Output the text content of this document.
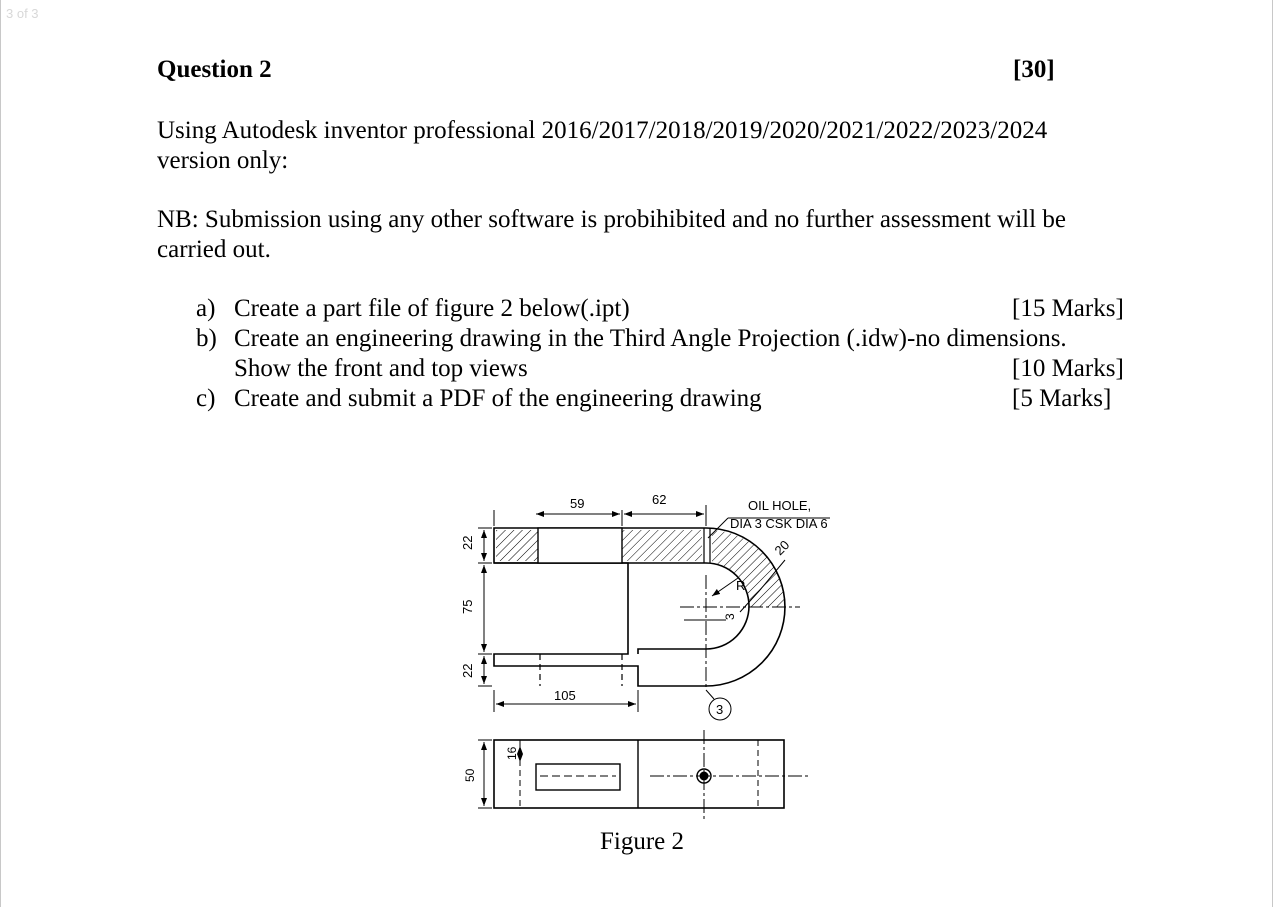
3 of 3
Question 2	[30]
Using Autodesk inventor professional 2016/2017/2018/2019/2020/2021/2022/2023/2024
version only:
NB: Submission using any other software is probihibited and no further assessment will be
carried out.
a) Create a part file of figure 2 below(.ipt)	[15 Marks]
b) Create an engineering drawing in the Third Angle Projection (.idw)-no dimensions.
Show the front and top views	[10 Marks]
c) Create and submit a PDF of the engineering drawing	[5 Marks]
59	62
22
75
22
105
20
3
R
OIL HOLE,
DIA 3 CSK DIA 6
3
50
16
Figure 2
